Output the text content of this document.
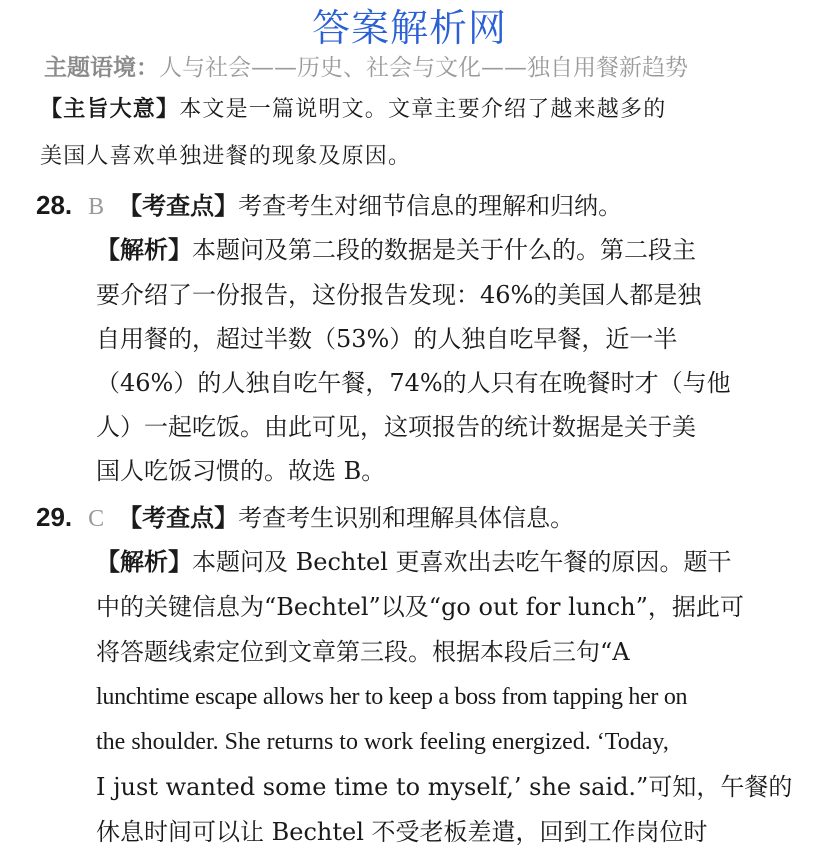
答案解析网
主题语境：人与社会——历史、社会与文化——独自用餐新趋势
【主旨大意】本文是一篇说明文。文章主要介绍了越来越多的
美国人喜欢单独进餐的现象及原因。
28. B 【考查点】考查考生对细节信息的理解和归纳。
【解析】本题问及第二段的数据是关于什么的。第二段主
要介绍了一份报告，这份报告发现：46%的美国人都是独
自用餐的，超过半数（53%）的人独自吃早餐，近一半
（46%）的人独自吃午餐，74%的人只有在晚餐时才（与他
人）一起吃饭。由此可见，这项报告的统计数据是关于美
国人吃饭习惯的。故选 B。
29. C 【考查点】考查考生识别和理解具体信息。
【解析】本题问及 Bechtel 更喜欢出去吃午餐的原因。题干
中的关键信息为“Bechtel”以及“go out for lunch”，据此可
将答题线索定位到文章第三段。根据本段后三句“A
lunchtime escape allows her to keep a boss from tapping her on
the shoulder. She returns to work feeling energized. ‘Today,
I just wanted some time to myself,’ she said.”可知，午餐的
休息时间可以让 Bechtel 不受老板差遣，回到工作岗位时
